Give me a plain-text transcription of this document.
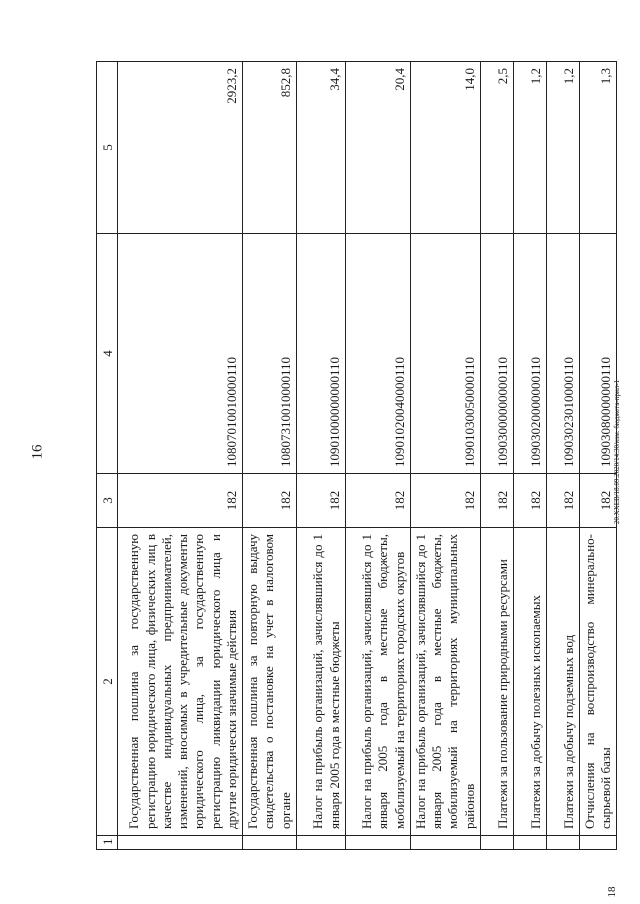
16	20.XXЕВ/18.09.2020/14:30/изм. бюджета-прил-1
18
1	2	3	4	5
	Государственная пошлина за государственную регистрацию юридического лица, физических лиц в качестве индивидуальных предпринимателей, изменений, вносимых в учредительные документы юридического лица, за государственную регистрацию ликвидации юридического лица и другие юридически значимые действия	182	10807010010000110	2923,2
	Государственная пошлина за повторную выдачу свидетельства о постановке на учет в налоговом органе	182	10807310010000110	852,8
	Налог на прибыль организаций, зачислявшийся до 1 января 2005 года в местные бюджеты	182	10901000000000110	34,4
	Налог на прибыль организаций, зачислявшийся до 1 января 2005 года в местные бюджеты, мобилизуемый на территориях городских округов	182	10901020040000110	20,4
	Налог на прибыль организаций, зачислявшийся до 1 января 2005 года в местные бюджеты, мобилизуемый на территориях муниципальных районов	182	10901030050000110	14,0
	Платежи за пользование природными ресурсами	182	10903000000000110	2,5
	Платежи за добычу полезных ископаемых	182	10903020000000110	1,2
	Платежи за добычу подземных вод	182	10903023010000110	1,2
	Отчисления на воспроизводство минерально-сырьевой базы	182	10903080000000110	1,3
